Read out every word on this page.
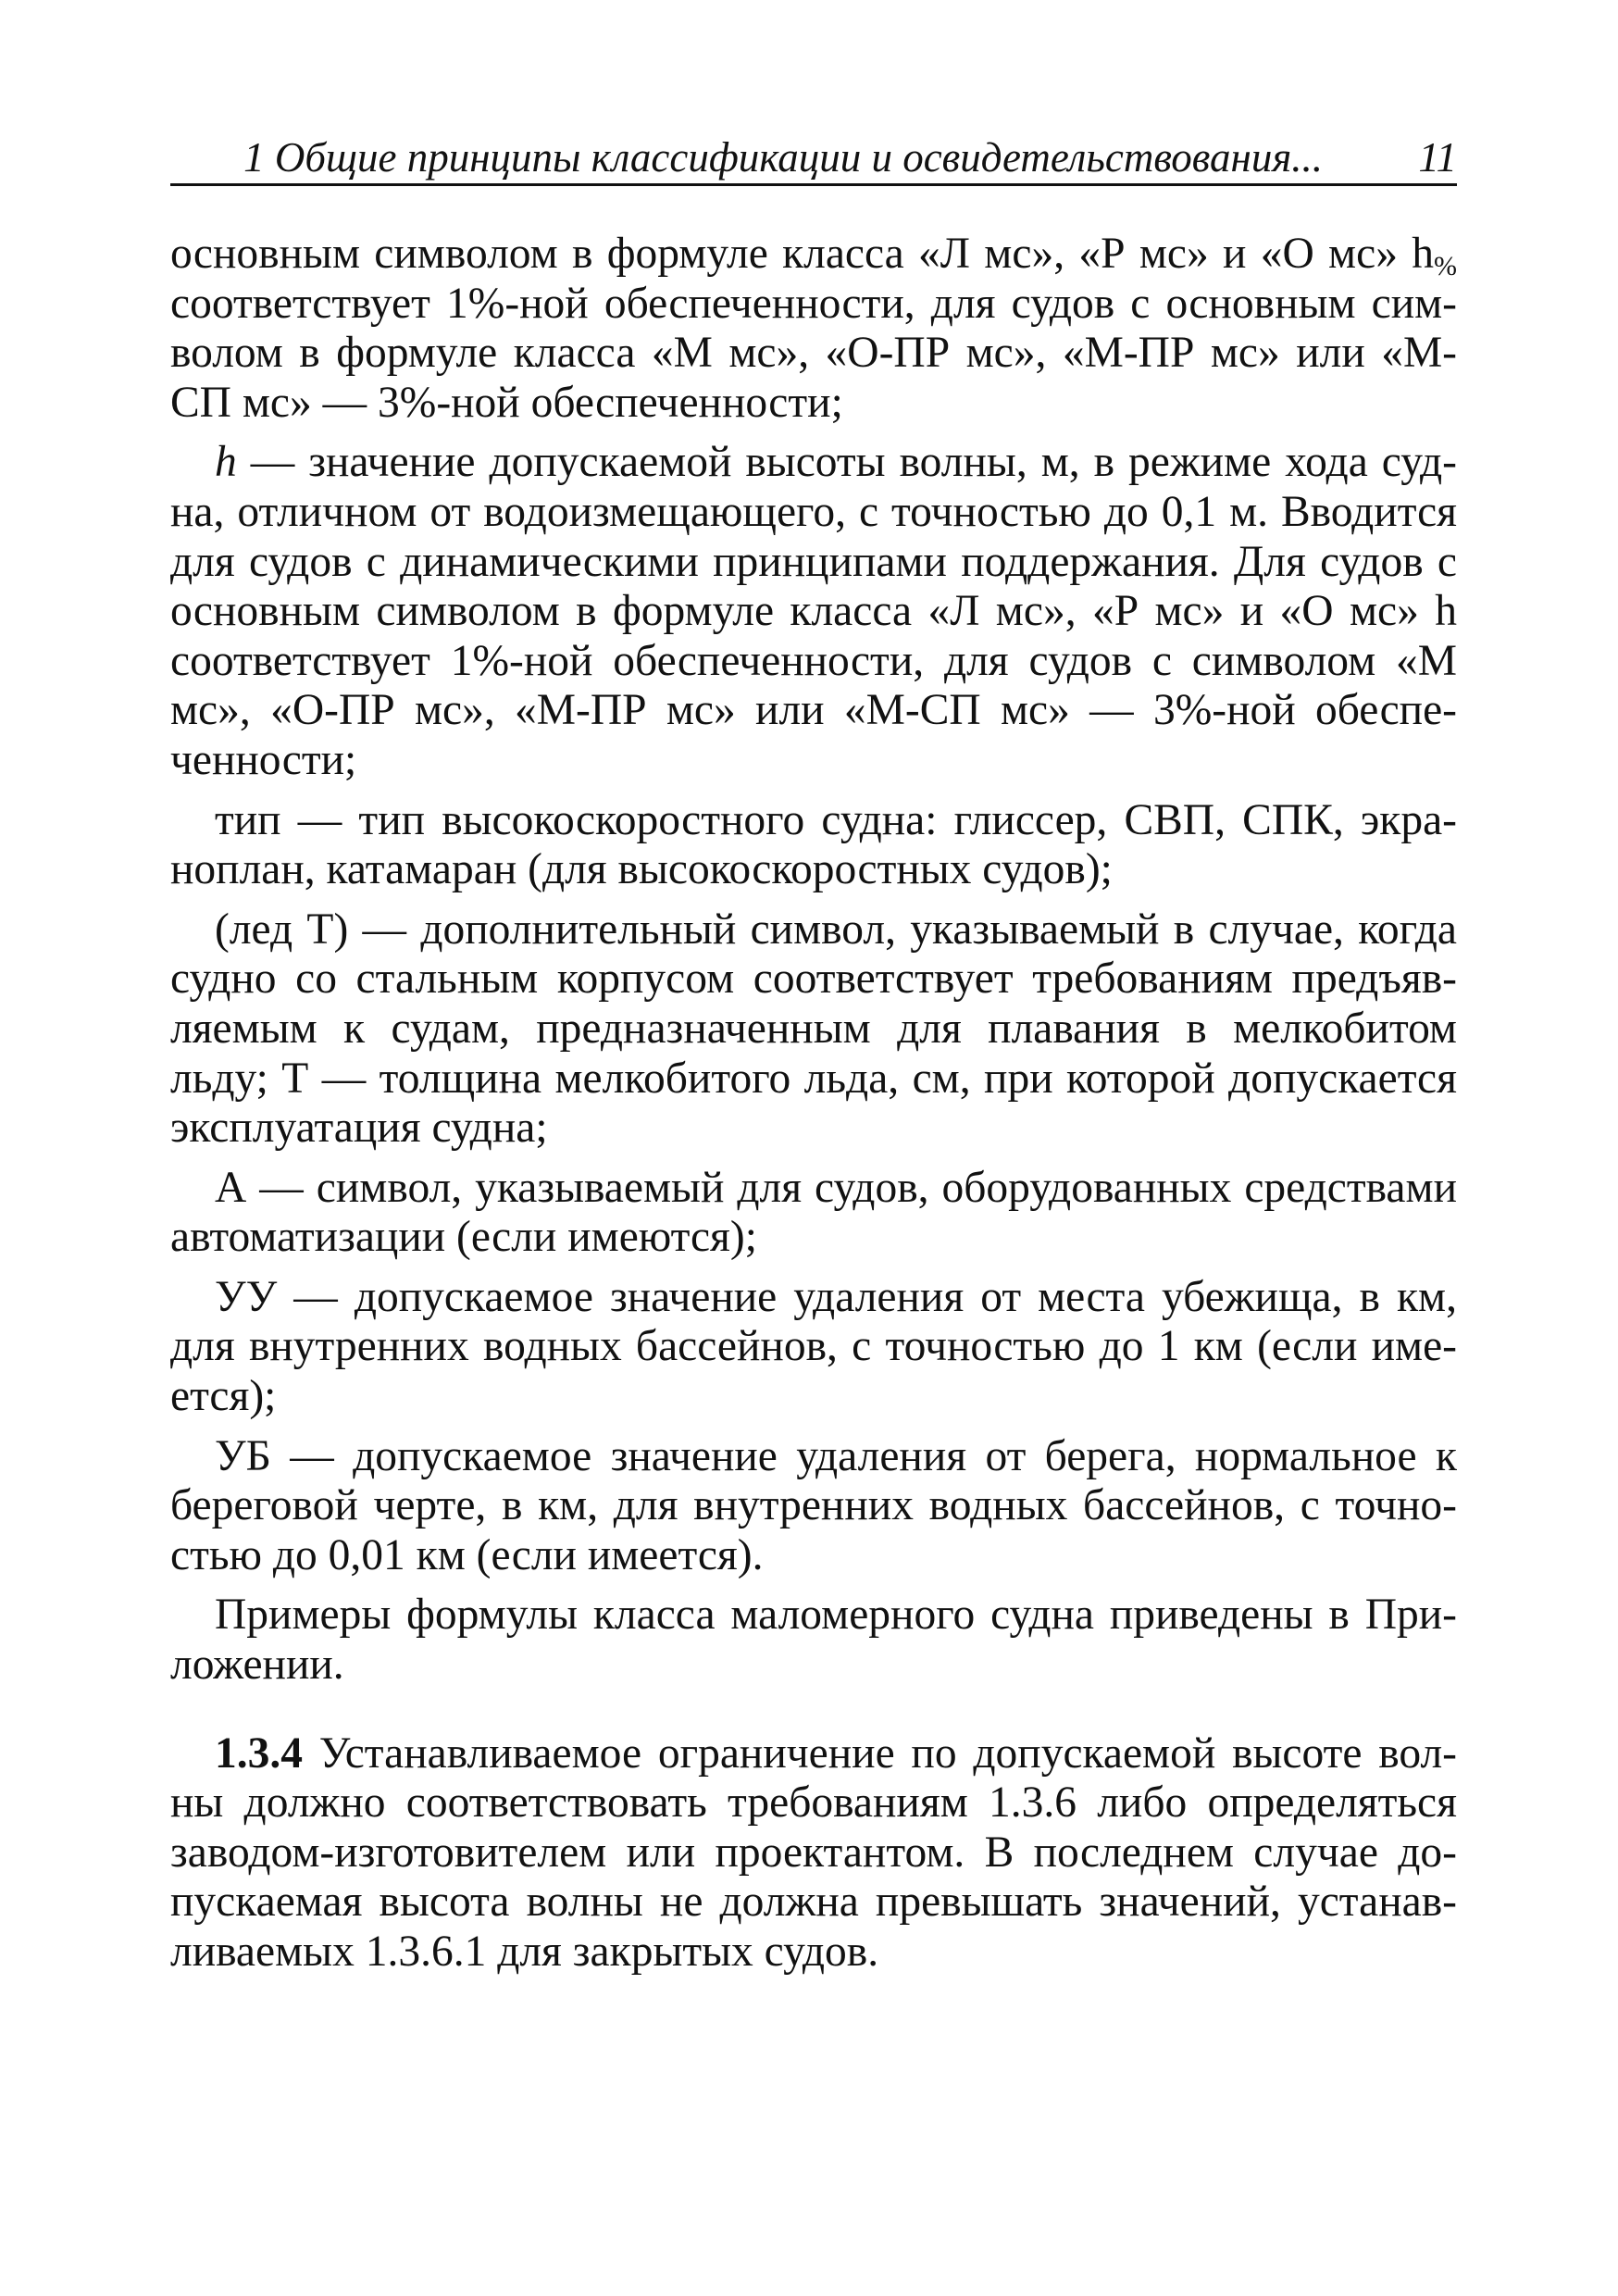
1 Общие принципы классификации и освидетельствования... 11

основным символом в формуле класса «Л мс», «Р мс» и «О мс» $h_{\%}$ соответствует 1%-ной обеспеченности, для судов с основным символом в формуле класса «М мс», «О-ПР мс», «М-ПР мс» или «М-СП мс» — 3%-ной обеспеченности;

h — значение допускаемой высоты волны, м, в режиме хода судна, отличном от водоизмещающего, с точностью до 0,1 м. Вводится для судов с динамическими принципами поддержания. Для судов с основным символом в формуле класса «Л мс», «Р мс» и «О мс» h соответствует 1%-ной обеспеченности, для судов с символом «М мс», «О-ПР мс», «М-ПР мс» или «М-СП мс» — 3%-ной обеспеченности;

тип — тип высокоскоростного судна: глиссер, СВП, СПК, экраноплан, катамаран (для высокоскоростных судов);

(лед Т) — дополнительный символ, указываемый в случае, когда судно со стальным корпусом соответствует требованиям предъявляемым к судам, предназначенным для плавания в мелкобитом льду; Т — толщина мелкобитого льда, см, при которой допускается эксплуатация судна;

А — символ, указываемый для судов, оборудованных средствами автоматизации (если имеются);

УУ — допускаемое значение удаления от места убежища, в км, для внутренних водных бассейнов, с точностью до 1 км (если имеется);

УБ — допускаемое значение удаления от берега, нормальное к береговой черте, в км, для внутренних водных бассейнов, с точностью до 0,01 км (если имеется).

Примеры формулы класса маломерного судна приведены в Приложении.

1.3.4 Устанавливаемое ограничение по допускаемой высоте волны должно соответствовать требованиям 1.3.6 либо определяться заводом-изготовителем или проектантом. В последнем случае допускаемая высота волны не должна превышать значений, устанавливаемых 1.3.6.1 для закрытых судов.
